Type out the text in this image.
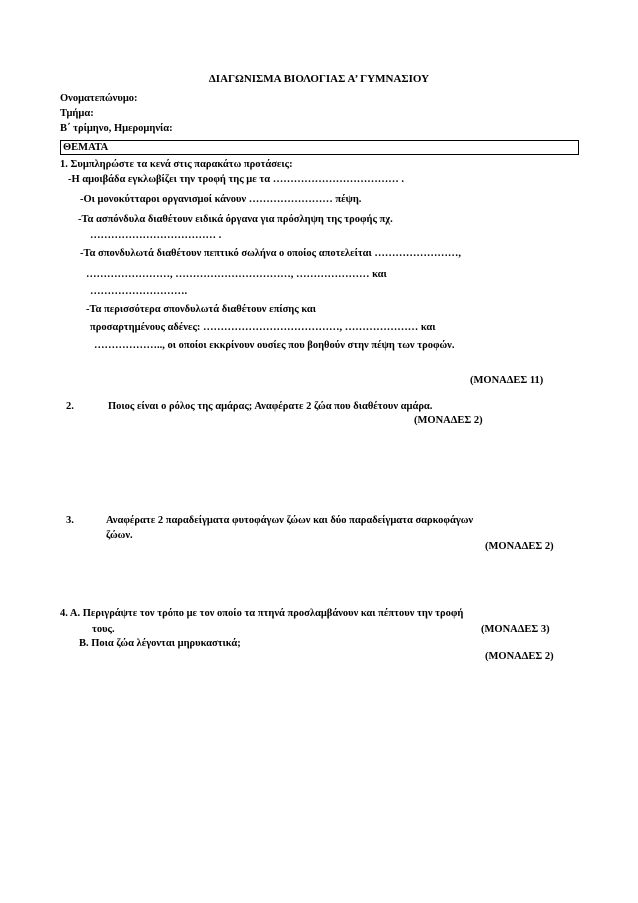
ΔΙΑΓΩΝΙΣΜΑ ΒΙΟΛΟΓΙΑΣ Α’ ΓΥΜΝΑΣΙΟΥ
Ονοματεπώνυμο:
Τμήμα:
Β΄ τρίμηνο, Ημερομηνία:
ΘΕΜΑΤΑ
1. Συμπληρώστε τα κενά στις παρακάτω προτάσεις:
-Η αμοιβάδα εγκλωβίζει την τροφή της με τα ……………………………… .
-Οι μονοκύτταροι οργανισμοί κάνουν …………………… πέψη.
-Τα ασπόνδυλα διαθέτουν ειδικά όργανα για πρόσληψη της τροφής πχ.
……………………………… .
-Τα σπονδυλωτά διαθέτουν πεπτικό σωλήνα ο οποίος αποτελείται ……………………,
……………………, ……………………………, ………………… και
……………………….
-Τα περισσότερα σπονδυλωτά διαθέτουν επίσης και
προσαρτημένους αδένες: …………………………………, ………………… και
……………….., οι οποίοι εκκρίνουν ουσίες που βοηθούν στην πέψη των τροφών.
(ΜΟΝΑΔΕΣ 11)
2.	Ποιος είναι ο ρόλος της αμάρας; Αναφέρατε 2 ζώα που διαθέτουν αμάρα.
(ΜΟΝΑΔΕΣ 2)
3.	Αναφέρατε 2 παραδείγματα φυτοφάγων ζώων και δύο παραδείγματα σαρκοφάγων
ζώων.
(ΜΟΝΑΔΕΣ 2)
4. Α. Περιγράψτε τον τρόπο με τον οποίο τα πτηνά προσλαμβάνουν και πέπτουν την τροφή
τους.	(ΜΟΝΑΔΕΣ 3)
Β. Ποια ζώα λέγονται μηρυκαστικά;
(ΜΟΝΑΔΕΣ 2)
